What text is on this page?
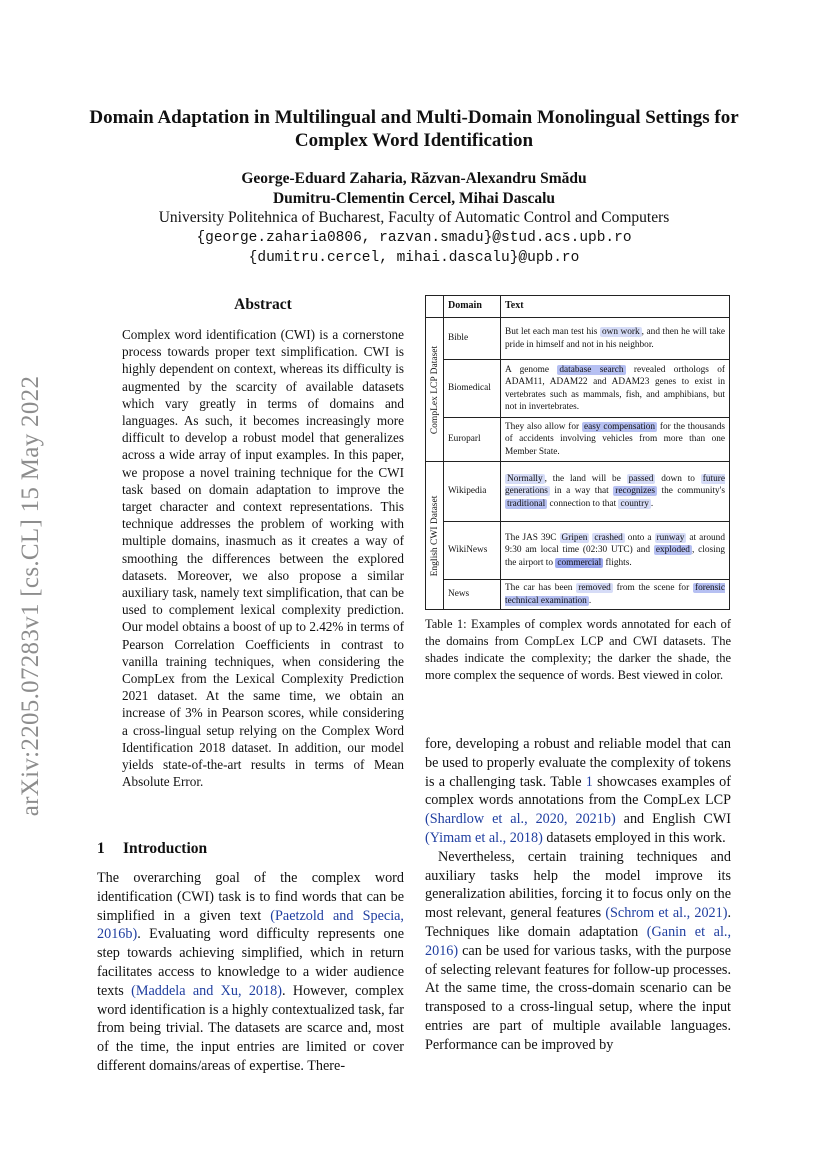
Domain Adaptation in Multilingual and Multi-Domain Monolingual Settings for Complex Word Identification
George-Eduard Zaharia, Răzvan-Alexandru Smădu
Dumitru-Clementin Cercel, Mihai Dascalu
University Politehnica of Bucharest, Faculty of Automatic Control and Computers
{george.zaharia0806, razvan.smadu}@stud.acs.upb.ro
{dumitru.cercel, mihai.dascalu}@upb.ro
arXiv:2205.07283v1 [cs.CL] 15 May 2022
Abstract
Complex word identification (CWI) is a cornerstone process towards proper text simplification. CWI is highly dependent on context, whereas its difficulty is augmented by the scarcity of available datasets which vary greatly in terms of domains and languages. As such, it becomes increasingly more difficult to develop a robust model that generalizes across a wide array of input examples. In this paper, we propose a novel training technique for the CWI task based on domain adaptation to improve the target character and context representations. This technique addresses the problem of working with multiple domains, inasmuch as it creates a way of smoothing the differences between the explored datasets. Moreover, we also propose a similar auxiliary task, namely text simplification, that can be used to complement lexical complexity prediction. Our model obtains a boost of up to 2.42% in terms of Pearson Correlation Coefficients in contrast to vanilla training techniques, when considering the CompLex from the Lexical Complexity Prediction 2021 dataset. At the same time, we obtain an increase of 3% in Pearson scores, while considering a cross-lingual setup relying on the Complex Word Identification 2018 dataset. In addition, our model yields state-of-the-art results in terms of Mean Absolute Error.
1 Introduction
The overarching goal of the complex word identification (CWI) task is to find words that can be simplified in a given text (Paetzold and Specia, 2016b). Evaluating word difficulty represents one step towards achieving simplified, which in return facilitates access to knowledge to a wider audience texts (Maddela and Xu, 2018). However, complex word identification is a highly contextualized task, far from being trivial. The datasets are scarce and, most of the time, the input entries are limited or cover different domains/areas of expertise. There-
	Domain	Text

CompLex LCP Dataset	Bible	But let each man test his own work , and then he will take pride in himself and not in his neighbor.
	Biomedical	A genome database search revealed orthologs of ADAM11, ADAM22 and ADAM23 genes to exist in vertebrates such as mammals, fish, and amphibians, but not in invertebrates.
	Europarl	They also allow for easy compensation for the thousands of accidents involving vehicles from more than one Member State.

English CWI Dataset	Wikipedia	Normally , the land will be passed down to future generations in a way that recognizes the community's traditional connection to that country .
	WikiNews	The JAS 39C Gripen crashed onto a runway at around 9:30 am local time (02:30 UTC) and exploded , closing the airport to commercial flights.
	News	The car has been removed from the scene for forensic technical examination .
Table 1: Examples of complex words annotated for each of the domains from CompLex LCP and CWI datasets. The shades indicate the complexity; the darker the shade, the more complex the sequence of words. Best viewed in color.

fore, developing a robust and reliable model that can be used to properly evaluate the complexity of tokens is a challenging task. Table 1 showcases examples of complex words annotations from the CompLex LCP (Shardlow et al., 2020, 2021b) and English CWI (Yimam et al., 2018) datasets employed in this work.

Nevertheless, certain training techniques and auxiliary tasks help the model improve its generalization abilities, forcing it to focus only on the most relevant, general features (Schrom et al., 2021). Techniques like domain adaptation (Ganin et al., 2016) can be used for various tasks, with the purpose of selecting relevant features for follow-up processes. At the same time, the cross-domain scenario can be transposed to a cross-lingual setup, where the input entries are part of multiple available languages. Performance can be improved by
